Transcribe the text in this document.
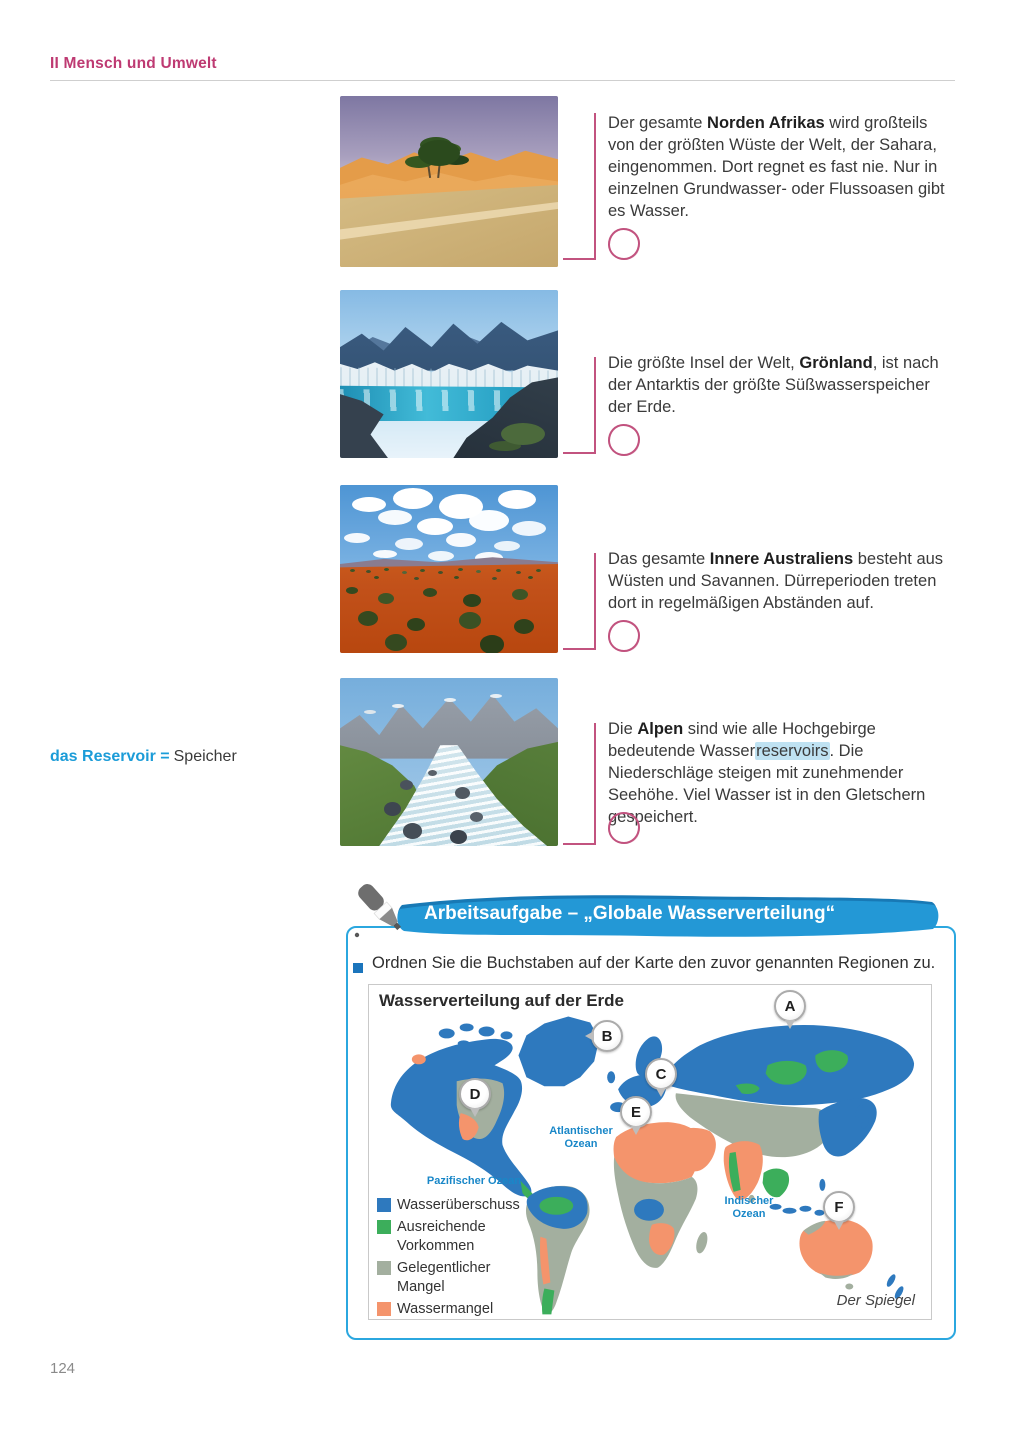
II Mensch und Umwelt
das Reservoir = Speicher

Der gesamte Norden Afrikas wird großteils von der größten Wüste der Welt, der Sahara, eingenommen. Dort regnet es fast nie. Nur in einzelnen Grundwasser- oder Flussoasen gibt es Wasser.

Die größte Insel der Welt, Grönland, ist nach der Antarktis der größte Süßwasserspeicher der Erde.

Das gesamte Innere Australiens besteht aus Wüsten und Savannen. Dürreperioden treten dort in regelmäßigen Abständen auf.

Die Alpen sind wie alle Hochgebirge bedeutende Wasserreservoirs. Die Niederschläge steigen mit zunehmender Seehöhe. Viel Wasser ist in den Gletschern gespeichert.

Arbeitsaufgabe – „Globale Wasserverteilung“
Ordnen Sie die Buchstaben auf der Karte den zuvor genannten Regionen zu.
Wasserverteilung auf der Erde
Atlantischer
Ozean
Pazifischer Ozean
Indischer
Ozean
Wasserüberschuss
Ausreichende
Vorkommen
Gelegentlicher
Mangel
Wassermangel	Der Spiegel
A
B
C
D
E
F
124
